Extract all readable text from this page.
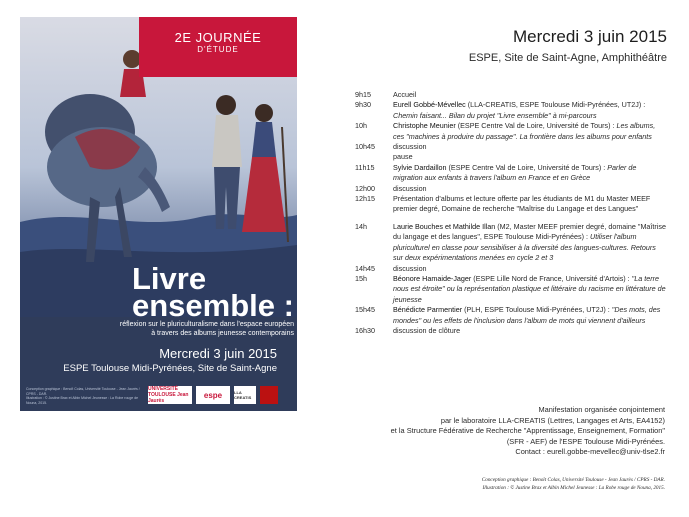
2E JOURNÉE
D'ÉTUDE
Livre
ensemble :
réflexion sur le pluriculturalisme dans l'espace européen
à travers des albums jeunesse contemporains
Mercredi 3 juin 2015
ESPE Toulouse Midi-Pyrénées, Site de Saint-Agne
Conception graphique : Benoît Colas, Université Toulouse - Jean Jaurès / CPRS - DAR.
Illustration : © Justine Brax et Albin Michel Jeunesse : La Robe rouge de Nouna, 2015.
UNIVERSITÉ TOULOUSE Jean Jaurès
espe	LLA CREATIS
Mercredi 3 juin 2015
ESPE, Site de Saint-Agne, Amphithéâtre
9h15	Accueil
9h30	Eurell Gobbé-Mévellec (LLA-CREATIS, ESPE Toulouse Midi-Pyrénées, UT2J) : Chemin faisant... Bilan du projet "Livre ensemble" à mi-parcours
10h	Christophe Meunier (ESPE Centre Val de Loire, Université de Tours) : Les albums, ces "machines à produire du passage". La frontière dans les albums pour enfants
10h45	discussion
pause
11h15	Sylvie Dardaillon (ESPE Centre Val de Loire, Université de Tours) : Parler de migration aux enfants à travers l'album en France et en Grèce
12h00	discussion
12h15	Présentation d'albums et lecture offerte par les étudiants de M1 du Master MEEF premier degré, Domaine de recherche "Maîtrise du Langage et des Langues"
14h	Laurie Bouches et Mathilde Illan (M2, Master MEEF premier degré, domaine "Maîtrise du langage et des langues", ESPE Toulouse Midi-Pyrénées) : Utiliser l'album pluriculturel en classe pour sensibiliser à la diversité des langues-cultures. Retours sur deux expérimentations menées en cycle 2 et 3
14h45	discussion
15h	Béonore Hamaide-Jager (ESPE Lille Nord de France, Université d'Artois) : "La terre nous est étroite" ou la représentation plastique et littéraire du racisme en littérature de jeunesse
15h45	Bénédicte Parmentier (PLH, ESPE Toulouse Midi-Pyrénées, UT2J) : "Des mots, des mondes" ou les effets de l'inclusion dans l'album de mots qui viennent d'ailleurs
16h30	discussion de clôture
Manifestation organisée conjointement
par le laboratoire LLA-CREATIS (Lettres, Langages et Arts, EA4152)
et la Structure Fédérative de Recherche "Apprentissage, Enseignement, Formation"
(SFR - AEF) de l'ESPE Toulouse Midi-Pyrénées.
Contact : eurell.gobbe-mevellec@univ-tlse2.fr
Conception graphique : Benoît Colas, Université Toulouse - Jean Jaurès / CPRS - DAR.
Illustration : © Justine Brax et Albin Michel Jeunesse : La Robe rouge de Nouna, 2015.
